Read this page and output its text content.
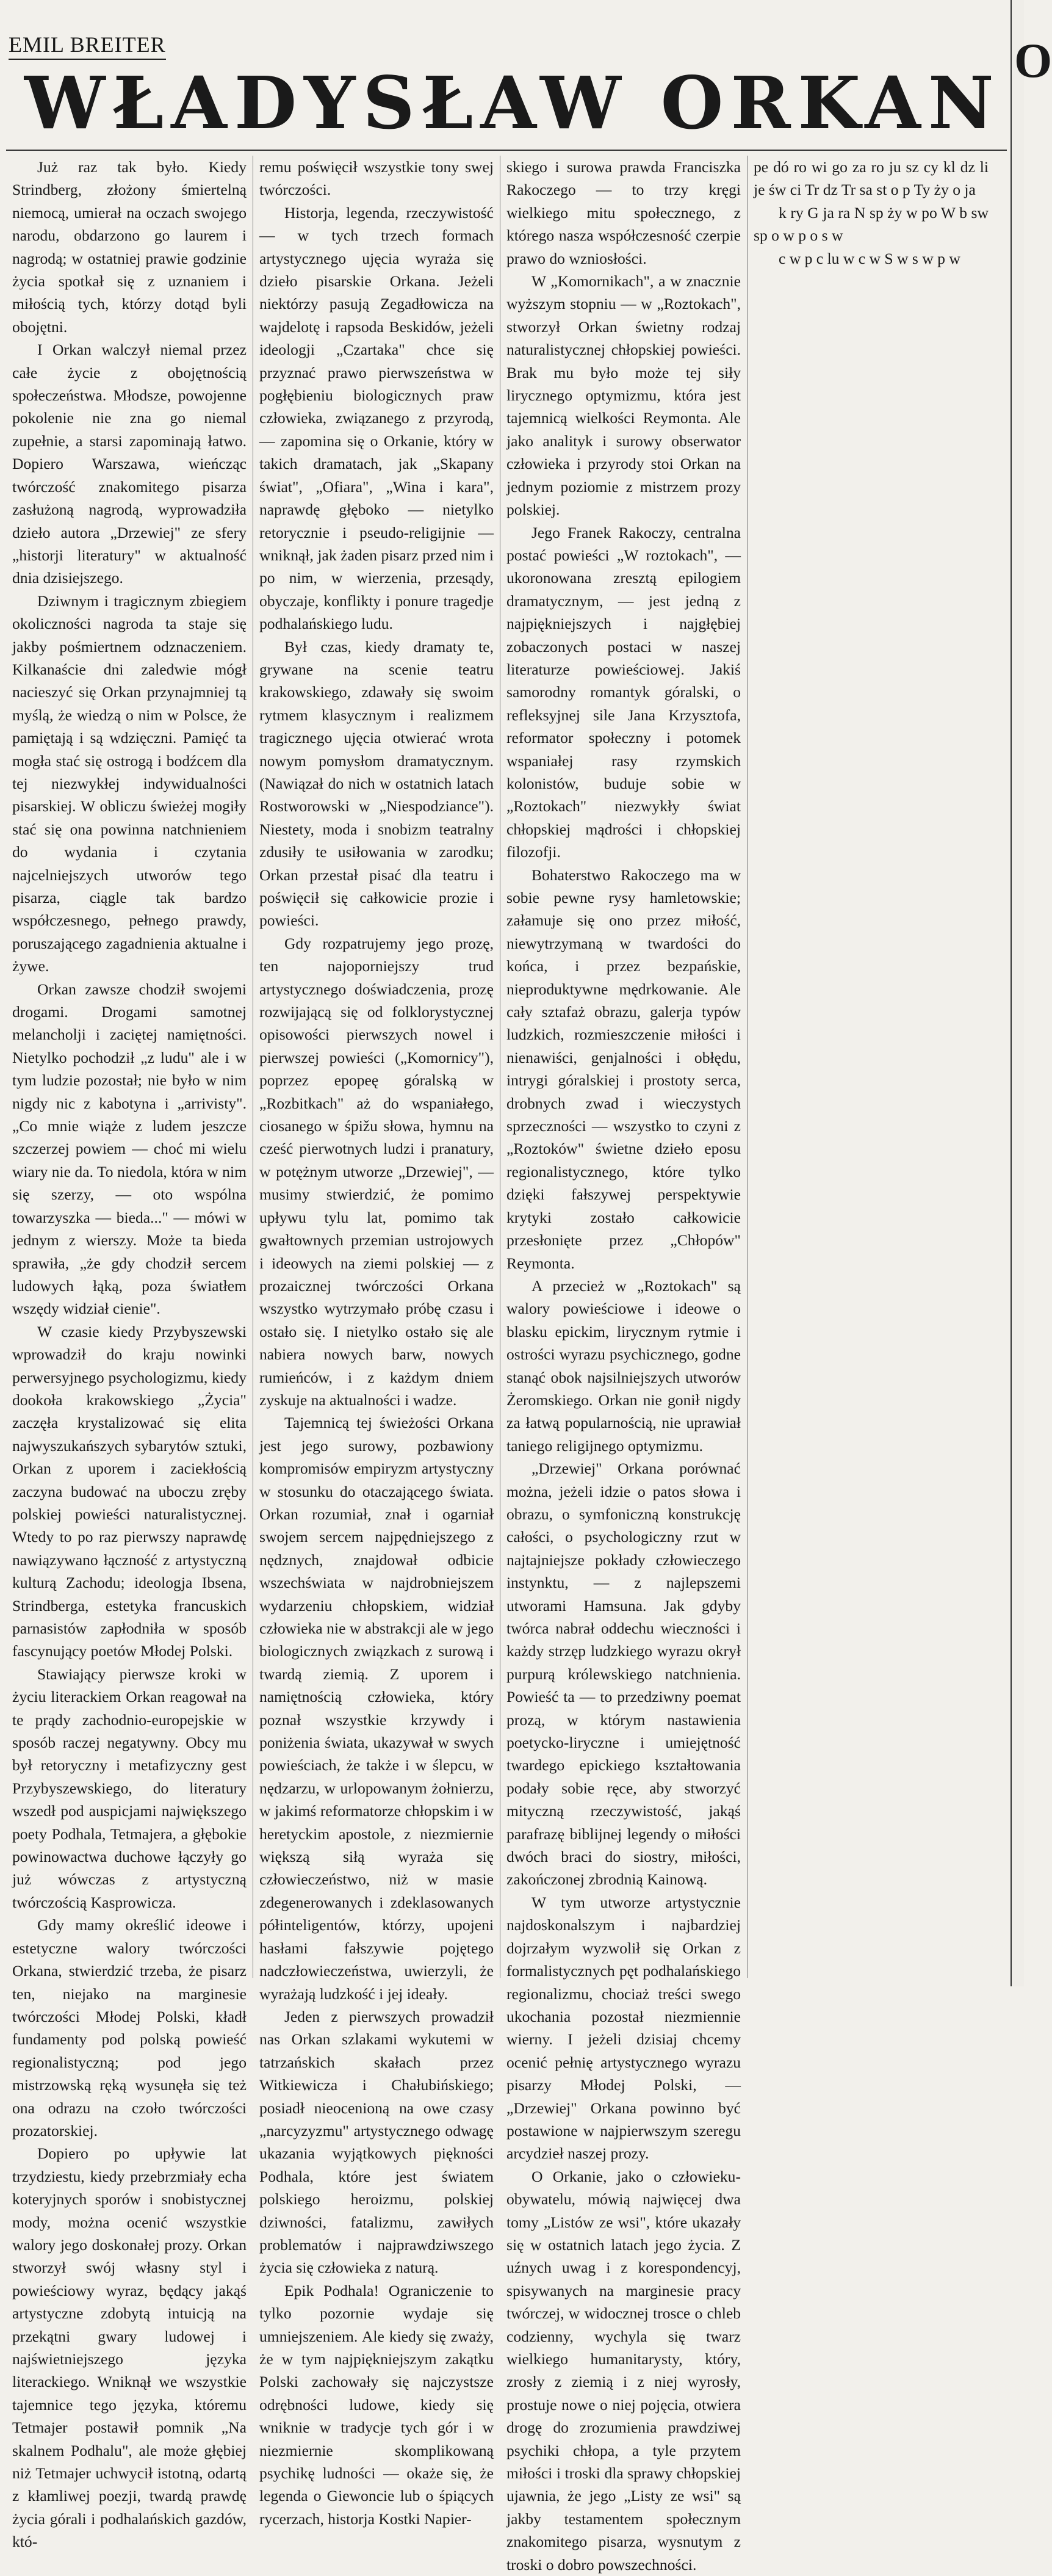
EMIL BREITER
WŁADYSŁAW ORKAN

Już raz tak było. Kiedy Strindberg, złożony śmiertelną niemocą, umierał na oczach swojego narodu, obdarzono go laurem i nagrodą; w ostatniej prawie godzinie życia spotkał się z uznaniem i miłością tych, którzy dotąd byli obojętni.

I Orkan walczył niemal przez całe życie z obojętnością społeczeństwa. Młodsze, powojenne pokolenie nie zna go niemal zupełnie, a starsi zapominają łatwo. Dopiero Warszawa, wieńcząc twórczość znakomitego pisarza zasłużoną nagrodą, wyprowadziła dzieło autora „Drzewiej" ze sfery „historji literatury" w aktualność dnia dzisiejszego.

Dziwnym i tragicznym zbiegiem okoliczności nagroda ta staje się jakby pośmiertnem odznaczeniem. Kilkanaście dni zaledwie mógł nacieszyć się Orkan przynajmniej tą myślą, że wiedzą o nim w Polsce, że pamiętają i są wdzięczni. Pamięć ta mogła stać się ostrogą i bodźcem dla tej niezwykłej indywidualności pisarskiej. W obliczu świeżej mogiły stać się ona powinna natchnieniem do wydania i czytania najcelniejszych utworów tego pisarza, ciągle tak bardzo współczesnego, pełnego prawdy, poruszającego zagadnienia aktualne i żywe.

Orkan zawsze chodził swojemi drogami. Drogami samotnej melancholji i zaciętej namiętności. Nietylko pochodził „z ludu" ale i w tym ludzie pozostał; nie było w nim nigdy nic z kabotyna i „arrivisty". „Co mnie wiąże z ludem jeszcze szczerzej powiem — choć mi wielu wiary nie da. To niedola, która w nim się szerzy, — oto wspólna towarzyszka — bieda..." — mówi w jednym z wierszy. Może ta bieda sprawiła, „że gdy chodził sercem ludowych łąką, poza światłem wszędy widział cienie".

W czasie kiedy Przybyszewski wprowadził do kraju nowinki perwersyjnego psychologizmu, kiedy dookoła krakowskiego „Życia" zaczęła krystalizować się elita najwyszukańszych sybarytów sztuki, Orkan z uporem i zaciekłością zaczyna budować na uboczu zręby polskiej powieści naturalistycznej. Wtedy to po raz pierwszy naprawdę nawiązywano łączność z artystyczną kulturą Zachodu; ideologja Ibsena, Strindberga, estetyka francuskich parnasistów zapłodniła w sposób fascynujący poetów Młodej Polski.

Stawiający pierwsze kroki w życiu literackiem Orkan reagował na te prądy zachodnio-europejskie w sposób raczej negatywny. Obcy mu był retoryczny i metafizyczny gest Przybyszewskiego, do literatury wszedł pod auspicjami największego poety Podhala, Tetmajera, a głębokie powinowactwa duchowe łączyły go już wówczas z artystyczną twórczością Kasprowicza.

Gdy mamy określić ideowe i estetyczne walory twórczości Orkana, stwierdzić trzeba, że pisarz ten, niejako na marginesie twórczości Młodej Polski, kładł fundamenty pod polską powieść regionalistyczną; pod jego mistrzowską ręką wysunęła się też ona odrazu na czoło twórczości prozatorskiej.

Dopiero po upływie lat trzydziestu, kiedy przebrzmiały echa koteryjnych sporów i snobistycznej mody, można ocenić wszystkie walory jego doskonałej prozy. Orkan stworzył swój własny styl i powieściowy wyraz, będący jakąś artystyczne zdobytą intuicją na przekątni gwary ludowej i najświetniejszego języka literackiego. Wniknął we wszystkie tajemnice tego języka, któremu Tetmajer postawił pomnik „Na skalnem Podhalu", ale może głębiej niż Tetmajer uchwycił istotną, odartą z kłamliwej poezji, twardą prawdę życia górali i podhalańskich gazdów, któ-

remu poświęcił wszystkie tony swej twórczości.

Historja, legenda, rzeczywistość — w tych trzech formach artystycznego ujęcia wyraża się dzieło pisarskie Orkana. Jeżeli niektórzy pasują Zegadłowicza na wajdelotę i rapsoda Beskidów, jeżeli ideologji „Czartaka" chce się przyznać prawo pierwszeństwa w pogłębieniu biologicznych praw człowieka, związanego z przyrodą,— zapomina się o Orkanie, który w takich dramatach, jak „Skapany świat", „Ofiara", „Wina i kara", naprawdę głęboko — nietylko retorycznie i pseudo-religijnie — wniknął, jak żaden pisarz przed nim i po nim, w wierzenia, przesądy, obyczaje, konflikty i ponure tragedje podhalańskiego ludu.

Był czas, kiedy dramaty te, grywane na scenie teatru krakowskiego, zdawały się swoim rytmem klasycznym i realizmem tragicznego ujęcia otwierać wrota nowym pomysłom dramatycznym. (Nawiązał do nich w ostatnich latach Rostworowski w „Niespodziance"). Niestety, moda i snobizm teatralny zdusiły te usiłowania w zarodku; Orkan przestał pisać dla teatru i poświęcił się całkowicie prozie i powieści.

Gdy rozpatrujemy jego prozę, ten najoporniejszy trud artystycznego doświadczenia, prozę rozwijającą się od folklorystycznej opisowości pierwszych nowel i pierwszej powieści („Komornicy"), poprzez epopeę góralską w „Rozbitkach" aż do wspaniałego, ciosanego w śpižu słowa, hymnu na cześć pierwotnych ludzi i pranatury, w potężnym utworze „Drzewiej", — musimy stwierdzić, że pomimo upływu tylu lat, pomimo tak gwałtownych przemian ustrojowych i ideowych na ziemi polskiej — z prozaicznej twórczości Orkana wszystko wytrzymało próbę czasu i ostało się. I nietylko ostało się ale nabiera nowych barw, nowych rumieńców, i z każdym dniem zyskuje na aktualności i wadze.

Tajemnicą tej świeżości Orkana jest jego surowy, pozbawiony kompromisów empiryzm artystyczny w stosunku do otaczającego świata. Orkan rozumiał, znał i ogarniał swojem sercem najpędniejszego z nędznych, znajdował odbicie wszechświata w najdrobniejszem wydarzeniu chłopskiem, widział człowieka nie w abstrakcji ale w jego biologicznych związkach z surową i twardą ziemią. Z uporem i namiętnością człowieka, który poznał wszystkie krzywdy i poniżenia świata, ukazywał w swych powieściach, że także i w ślepcu, w nędzarzu, w urlopowanym żołnierzu, w jakimś reformatorze chłopskim i w heretyckim apostole, z niezmiernie większą siłą wyraża się człowieczeństwo, niż w masie zdegenerowanych i zdeklasowanych półinteligentów, którzy, upojeni hasłami fałszywie pojętego nadczłowieczeństwa, uwierzyli, że wyrażają ludzkość i jej ideały.

Jeden z pierwszych prowadził nas Orkan szlakami wykutemi w tatrzańskich skałach przez Witkiewicza i Chałubińskiego; posiadł nieocenioną na owe czasy „narcyzyzmu" artystycznego odwagę ukazania wyjątkowych piękności Podhala, które jest światem polskiego heroizmu, polskiej dziwności, fatalizmu, zawiłych problematów i najprawdziwszego życia się człowieka z naturą.

Epik Podhala! Ograniczenie to tylko pozornie wydaje się umniejszeniem. Ale kiedy się zważy, że w tym najpiękniejszym zakątku Polski zachowały się najczystsze odrębności ludowe, kiedy się wniknie w tradycje tych gór i w niezmiernie skomplikowaną psychikę ludności — okaże się, że legenda o Giewoncie lub o śpiących rycerzach, historja Kostki Napier-

skiego i surowa prawda Franciszka Rakoczego — to trzy kręgi wielkiego mitu społecznego, z którego nasza współczesność czerpie prawo do wzniosłości.

W „Komornikach", a w znacznie wyższym stopniu — w „Roztokach", stworzył Orkan świetny rodzaj naturalistycznej chłopskiej powieści. Brak mu było może tej siły lirycznego optymizmu, która jest tajemnicą wielkości Reymonta. Ale jako analityk i surowy obserwator człowieka i przyrody stoi Orkan na jednym poziomie z mistrzem prozy polskiej.

Jego Franek Rakoczy, centralna postać powieści „W roztokach", — ukoronowana zresztą epilogiem dramatycznym, — jest jedną z najpiękniejszych i najgłębiej zobaczonych postaci w naszej literaturze powieściowej. Jakiś samorodny romantyk góralski, o refleksyjnej sile Jana Krzysztofa, reformator społeczny i potomek wspaniałej rasy rzymskich kolonistów, buduje sobie w „Roztokach" niezwykły świat chłopskiej mądrości i chłopskiej filozofji.

Bohaterstwo Rakoczego ma w sobie pewne rysy hamletowskie; załamuje się ono przez miłość, niewytrzymaną w twardości do końca, i przez bezpańskie, nieproduktywne mędrkowanie. Ale cały sztafaż obrazu, galerja typów ludzkich, rozmieszczenie miłości i nienawiści, genjalności i obłędu, intrygi góralskiej i prostoty serca, drobnych zwad i wieczystych sprzeczności — wszystko to czyni z „Roztoków" świetne dzieło eposu regionalistycznego, które tylko dzięki fałszywej perspektywie krytyki zostało całkowicie przesłonięte przez „Chłopów" Reymonta.

A przecież w „Roztokach" są walory powieściowe i ideowe o blasku epickim, lirycznym rytmie i ostrości wyrazu psychicznego, godne stanąć obok najsilniejszych utworów Żeromskiego. Orkan nie gonił nigdy za łatwą popularnością, nie uprawiał taniego religijnego optymizmu.

„Drzewiej" Orkana porównać można, jeżeli idzie o patos słowa i obrazu, o symfoniczną konstrukcję całości, o psychologiczny rzut w najtajniejsze pokłady człowieczego instynktu, — z najlepszemi utworami Hamsuna. Jak gdyby twórca nabrał oddechu wieczności i każdy strzęp ludzkiego wyrazu okrył purpurą królewskiego natchnienia. Powieść ta — to przedziwny poemat prozą, w którym nastawienia poetycko-liryczne i umiejętność twardego epickiego kształtowania podały sobie ręce, aby stworzyć mityczną rzeczywistość, jakąś parafrazę biblijnej legendy o miłości dwóch braci do siostry, miłości, zakończonej zbrodnią Kainową.

W tym utworze artystycznie najdoskonalszym i najbardziej dojrzałym wyzwolił się Orkan z formalistycznych pęt podhalańskiego regionalizmu, chociaż treści swego ukochania pozostał niezmiennie wierny. I jeżeli dzisiaj chcemy ocenić pełnię artystycznego wyrazu pisarzy Młodej Polski, — „Drzewiej" Orkana powinno być postawione w najpierwszym szeregu arcydzieł naszej prozy.

O Orkanie, jako o człowieku-obywatelu, mówią najwięcej dwa tomy „Listów ze wsi", które ukazały się w ostatnich latach jego życia. Z uźnych uwag i z korespondencyj, spisywanych na marginesie pracy twórczej, w widocznej trosce o chleb codzienny, wychyla się twarz wielkiego humanitarysty, który, zrosły z ziemią i z niej wyrosły, prostuje nowe o niej pojęcia, otwiera drogę do zrozumienia prawdziwej psychiki chłopa, a tyle przytem miłości i troski dla sprawy chłopskiej ujawnia, że jego „Listy ze wsi" są jakby testamentem społecznym znakomitego pisarza, wysnutym z troski o dobro powszechności.

pe dó ro wi go za ro ju sz cy kl dz li je św ci Tr dz Tr sa st o p Ty ży o ja

k ry G ja ra N sp ży w po W b sw sp o w p o s w

c w p c lu w c w S w s w p w

O
